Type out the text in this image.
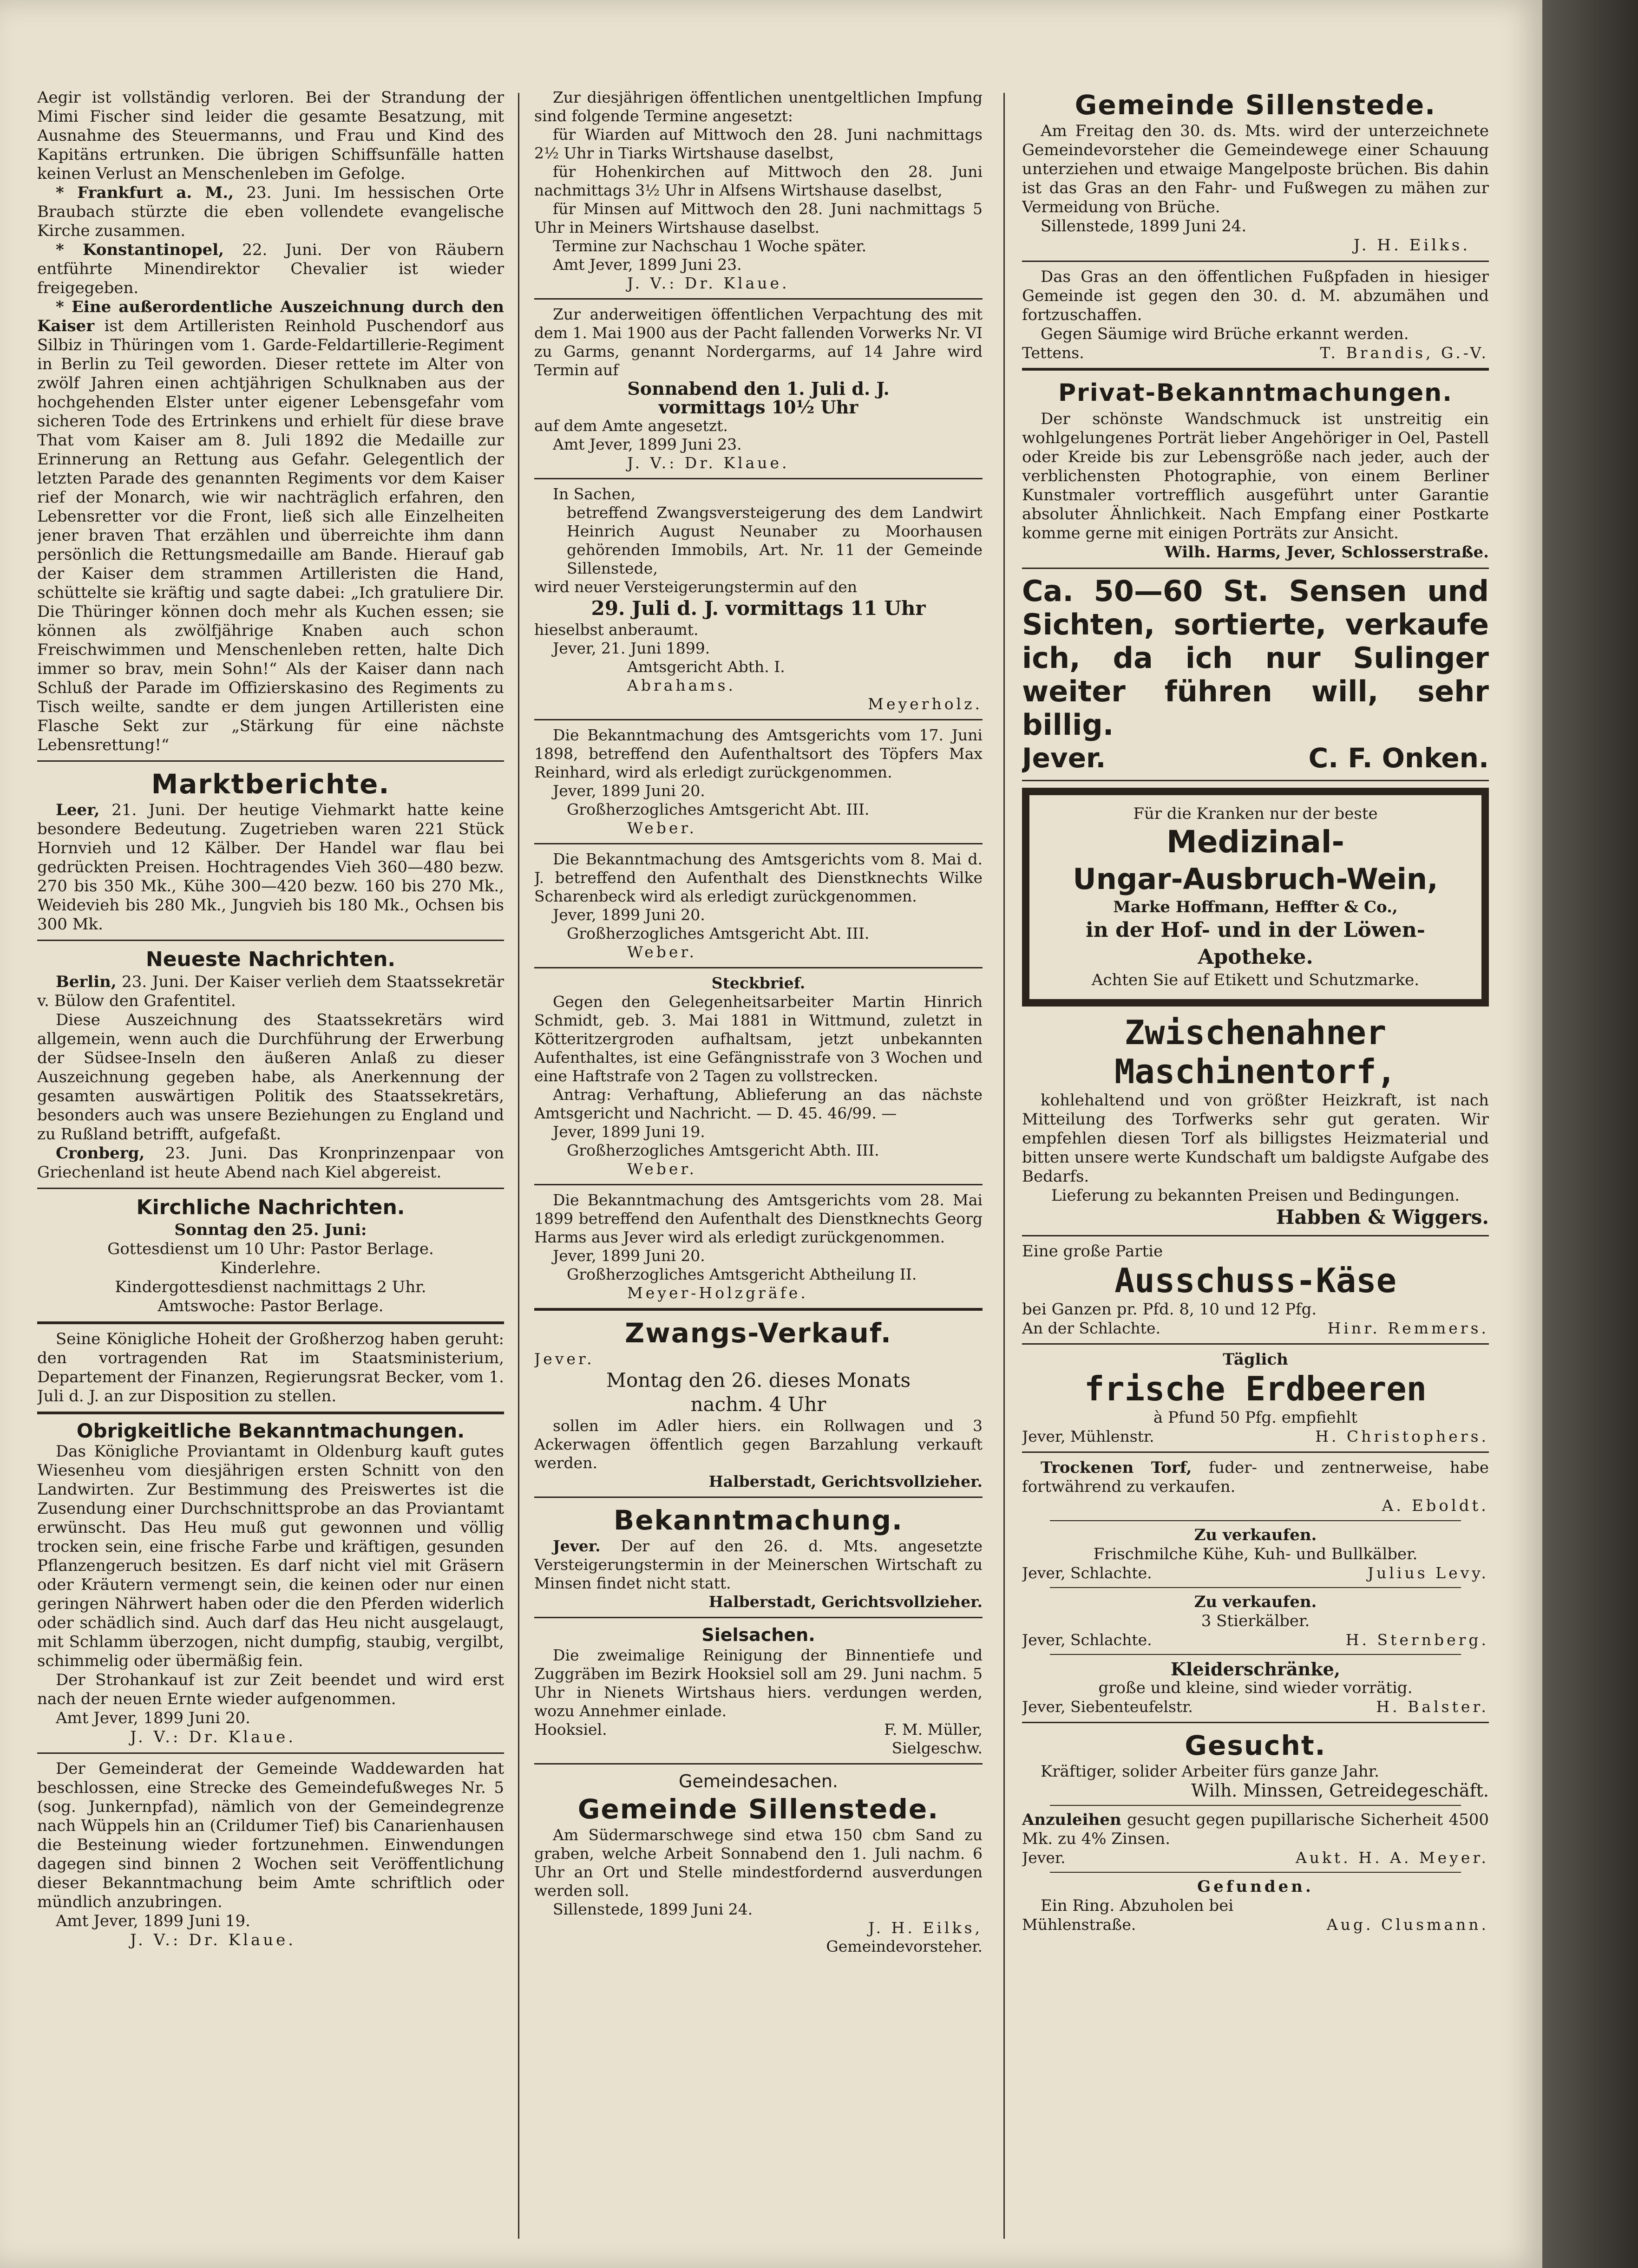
Aegir ist vollständig verloren. Bei der Strandung der Mimi Fischer sind leider die gesamte Besatzung, mit Ausnahme des Steuermanns, und Frau und Kind des Kapitäns ertrunken. Die übrigen Schiffsunfälle hatten keinen Verlust an Menschenleben im Gefolge.

* Frankfurt a. M., 23. Juni. Im hessischen Orte Braubach stürzte die eben vollendete evangelische Kirche zusammen.

* Konstantinopel, 22. Juni. Der von Räubern entführte Minendirektor Chevalier ist wieder freigegeben.

* Eine außerordentliche Auszeichnung durch den Kaiser ist dem Artilleristen Reinhold Puschendorf aus Silbiz in Thüringen vom 1. Garde-Feldartillerie-Regiment in Berlin zu Teil geworden. Dieser rettete im Alter von zwölf Jahren einen achtjährigen Schulknaben aus der hochgehenden Elster unter eigener Lebensgefahr vom sicheren Tode des Ertrinkens und erhielt für diese brave That vom Kaiser am 8. Juli 1892 die Medaille zur Erinnerung an Rettung aus Gefahr. Gelegentlich der letzten Parade des genannten Regiments vor dem Kaiser rief der Monarch, wie wir nachträglich erfahren, den Lebensretter vor die Front, ließ sich alle Einzelheiten jener braven That erzählen und überreichte ihm dann persönlich die Rettungsmedaille am Bande. Hierauf gab der Kaiser dem strammen Artilleristen die Hand, schüttelte sie kräftig und sagte dabei: „Ich gratuliere Dir. Die Thüringer können doch mehr als Kuchen essen; sie können als zwölfjährige Knaben auch schon Freischwimmen und Menschenleben retten, halte Dich immer so brav, mein Sohn!“ Als der Kaiser dann nach Schluß der Parade im Offizierskasino des Regiments zu Tisch weilte, sandte er dem jungen Artilleristen eine Flasche Sekt zur „Stärkung für eine nächste Lebensrettung!“

Marktberichte.

Leer, 21. Juni. Der heutige Viehmarkt hatte keine besondere Bedeutung. Zugetrieben waren 221 Stück Hornvieh und 12 Kälber. Der Handel war flau bei gedrückten Preisen. Hochtragendes Vieh 360—480 bezw. 270 bis 350 Mk., Kühe 300—420 bezw. 160 bis 270 Mk., Weidevieh bis 280 Mk., Jungvieh bis 180 Mk., Ochsen bis 300 Mk.

Neueste Nachrichten.

Berlin, 23. Juni. Der Kaiser verlieh dem Staatssekretär v. Bülow den Grafentitel.

Diese Auszeichnung des Staatssekretärs wird allgemein, wenn auch die Durchführung der Erwerbung der Südsee-Inseln den äußeren Anlaß zu dieser Auszeichnung gegeben habe, als Anerkennung der gesamten auswärtigen Politik des Staatssekretärs, besonders auch was unsere Beziehungen zu England und zu Rußland betrifft, aufgefaßt.

Cronberg, 23. Juni. Das Kronprinzenpaar von Griechenland ist heute Abend nach Kiel abgereist.

Kirchliche Nachrichten.

Sonntag den 25. Juni:

Gottesdienst um 10 Uhr: Pastor Berlage.

Kinderlehre.

Kindergottesdienst nachmittags 2 Uhr.

Amtswoche: Pastor Berlage.

Seine Königliche Hoheit der Großherzog haben geruht: den vortragenden Rat im Staatsministerium, Departement der Finanzen, Regierungsrat Becker, vom 1. Juli d. J. an zur Disposition zu stellen.

Obrigkeitliche Bekanntmachungen.

Das Königliche Proviantamt in Oldenburg kauft gutes Wiesenheu vom diesjährigen ersten Schnitt von den Landwirten. Zur Bestimmung des Preiswertes ist die Zusendung einer Durchschnittsprobe an das Proviantamt erwünscht. Das Heu muß gut gewonnen und völlig trocken sein, eine frische Farbe und kräftigen, gesunden Pflanzengeruch besitzen. Es darf nicht viel mit Gräsern oder Kräutern vermengt sein, die keinen oder nur einen geringen Nährwert haben oder die den Pferden widerlich oder schädlich sind. Auch darf das Heu nicht ausgelaugt, mit Schlamm überzogen, nicht dumpfig, staubig, vergilbt, schimmelig oder übermäßig fein.

Der Strohankauf ist zur Zeit beendet und wird erst nach der neuen Ernte wieder aufgenommen.

Amt Jever, 1899 Juni 20.

J. V.: Dr. Klaue.

Der Gemeinderat der Gemeinde Waddewarden hat beschlossen, eine Strecke des Gemeindefußweges Nr. 5 (sog. Junkernpfad), nämlich von der Gemeindegrenze nach Wüppels hin an (Crildumer Tief) bis Canarienhausen die Besteinung wieder fortzunehmen. Einwendungen dagegen sind binnen 2 Wochen seit Veröffentlichung dieser Bekanntmachung beim Amte schriftlich oder mündlich anzubringen.

Amt Jever, 1899 Juni 19.

J. V.: Dr. Klaue.

Zur diesjährigen öffentlichen unentgeltlichen Impfung sind folgende Termine angesetzt:

für Wiarden auf Mittwoch den 28. Juni nachmittags 2½ Uhr in Tiarks Wirtshause daselbst,

für Hohenkirchen auf Mittwoch den 28. Juni nachmittags 3½ Uhr in Alfsens Wirtshause daselbst,

für Minsen auf Mittwoch den 28. Juni nachmittags 5 Uhr in Meiners Wirtshause daselbst.

Termine zur Nachschau 1 Woche später.

Amt Jever, 1899 Juni 23.

J. V.: Dr. Klaue.

Zur anderweitigen öffentlichen Verpachtung des mit dem 1. Mai 1900 aus der Pacht fallenden Vorwerks Nr. VI zu Garms, genannt Nordergarms, auf 14 Jahre wird Termin auf

Sonnabend den 1. Juli d. J.

vormittags 10½ Uhr

auf dem Amte angesetzt.

Amt Jever, 1899 Juni 23.

J. V.: Dr. Klaue.

In Sachen,

betreffend Zwangsversteigerung des dem Landwirt Heinrich August Neunaber zu Moorhausen gehörenden Immobils, Art. Nr. 11 der Gemeinde Sillenstede,

wird neuer Versteigerungstermin auf den

29. Juli d. J. vormittags 11 Uhr

hieselbst anberaumt.

Jever, 21. Juni 1899.

Amtsgericht Abth. I.

Abrahams.

Meyerholz.

Die Bekanntmachung des Amtsgerichts vom 17. Juni 1898, betreffend den Aufenthaltsort des Töpfers Max Reinhard, wird als erledigt zurückgenommen.

Jever, 1899 Juni 20.

Großherzogliches Amtsgericht Abt. III.

Weber.

Die Bekanntmachung des Amtsgerichts vom 8. Mai d. J. betreffend den Aufenthalt des Dienstknechts Wilke Scharenbeck wird als erledigt zurückgenommen.

Jever, 1899 Juni 20.

Großherzogliches Amtsgericht Abt. III.

Weber.

Steckbrief.

Gegen den Gelegenheitsarbeiter Martin Hinrich Schmidt, geb. 3. Mai 1881 in Wittmund, zuletzt in Kötteritzergroden aufhaltsam, jetzt unbekannten Aufenthaltes, ist eine Gefängnisstrafe von 3 Wochen und eine Haftstrafe von 2 Tagen zu vollstrecken.

Antrag: Verhaftung, Ablieferung an das nächste Amtsgericht und Nachricht. — D. 45. 46/99. —

Jever, 1899 Juni 19.

Großherzogliches Amtsgericht Abth. III.

Weber.

Die Bekanntmachung des Amtsgerichts vom 28. Mai 1899 betreffend den Aufenthalt des Dienstknechts Georg Harms aus Jever wird als erledigt zurückgenommen.

Jever, 1899 Juni 20.

Großherzogliches Amtsgericht Abtheilung II.

Meyer-Holzgräfe.

Zwangs-Verkauf.

Jever.

Montag den 26. dieses Monats

nachm. 4 Uhr

sollen im Adler hiers. ein Rollwagen und 3 Ackerwagen öffentlich gegen Barzahlung verkauft werden.

Halberstadt, Gerichtsvollzieher.

Bekanntmachung.

Jever. Der auf den 26. d. Mts. angesetzte Versteigerungstermin in der Meinerschen Wirtschaft zu Minsen findet nicht statt.

Halberstadt, Gerichtsvollzieher.

Sielsachen.

Die zweimalige Reinigung der Binnentiefe und Zuggräben im Bezirk Hooksiel soll am 29. Juni nachm. 5 Uhr in Nienets Wirtshaus hiers. verdungen werden, wozu Annehmer einlade.

Hooksiel.	F. M. Müller,

Sielgeschw.

Gemeindesachen.

Gemeinde Sillenstede.

Am Südermarschwege sind etwa 150 cbm Sand zu graben, welche Arbeit Sonnabend den 1. Juli nachm. 6 Uhr an Ort und Stelle mindestfordernd ausverdungen werden soll.

Sillenstede, 1899 Juni 24.

J. H. Eilks,

Gemeindevorsteher.

Gemeinde Sillenstede.

Am Freitag den 30. ds. Mts. wird der unterzeichnete Gemeindevorsteher die Gemeindewege einer Schauung unterziehen und etwaige Mangelposte brüchen. Bis dahin ist das Gras an den Fahr- und Fußwegen zu mähen zur Vermeidung von Brüche.

Sillenstede, 1899 Juni 24.

J. H. Eilks.

Das Gras an den öffentlichen Fußpfaden in hiesiger Gemeinde ist gegen den 30. d. M. abzumähen und fortzuschaffen.

Gegen Säumige wird Brüche erkannt werden.

Tettens.	T. Brandis, G.-V.

Privat-Bekanntmachungen.

Der schönste Wandschmuck ist unstreitig ein wohlgelungenes Porträt lieber Angehöriger in Oel, Pastell oder Kreide bis zur Lebensgröße nach jeder, auch der verblichensten Photographie, von einem Berliner Kunstmaler vortrefflich ausgeführt unter Garantie absoluter Ähnlichkeit. Nach Empfang einer Postkarte komme gerne mit einigen Porträts zur Ansicht.

Wilh. Harms, Jever, Schlosserstraße.

Ca. 50—60 St. Sensen und Sichten, sortierte, verkaufe ich, da ich nur Sulinger weiter führen will, sehr billig.

Jever.	C. F. Onken.

Für die Kranken nur der beste

Medizinal-

Ungar-Ausbruch-Wein,

Marke Hoffmann, Heffter & Co.,

in der Hof- und in der Löwen-Apotheke.

Achten Sie auf Etikett und Schutzmarke.

Zwischenahner

Maschinentorf,

kohlehaltend und von größter Heizkraft, ist nach Mitteilung des Torfwerks sehr gut geraten. Wir empfehlen diesen Torf als billigstes Heizmaterial und bitten unsere werte Kundschaft um baldigste Aufgabe des Bedarfs.

Lieferung zu bekannten Preisen und Bedingungen.

Habben & Wiggers.

Eine große Partie

Ausschuss-Käse

bei Ganzen pr. Pfd. 8, 10 und 12 Pfg.

An der Schlachte.	Hinr. Remmers.

Täglich

frische Erdbeeren

à Pfund 50 Pfg. empfiehlt

Jever, Mühlenstr.	H. Christophers.

Trockenen Torf, fuder- und zentnerweise, habe fortwährend zu verkaufen.

A. Eboldt.

Zu verkaufen.

Frischmilche Kühe, Kuh- und Bullkälber.

Jever, Schlachte.	Julius Levy.

Zu verkaufen.

3 Stierkälber.

Jever, Schlachte.	H. Sternberg.

Kleiderschränke,

große und kleine, sind wieder vorrätig.

Jever, Siebenteufelstr.	H. Balster.

Gesucht.

Kräftiger, solider Arbeiter fürs ganze Jahr.

Wilh. Minssen, Getreidegeschäft.

Anzuleihen gesucht gegen pupillarische Sicherheit 4500 Mk. zu 4% Zinsen.

Jever.	Aukt. H. A. Meyer.

Gefunden.

Ein Ring. Abzuholen bei

Mühlenstraße.	Aug. Clusmann.
